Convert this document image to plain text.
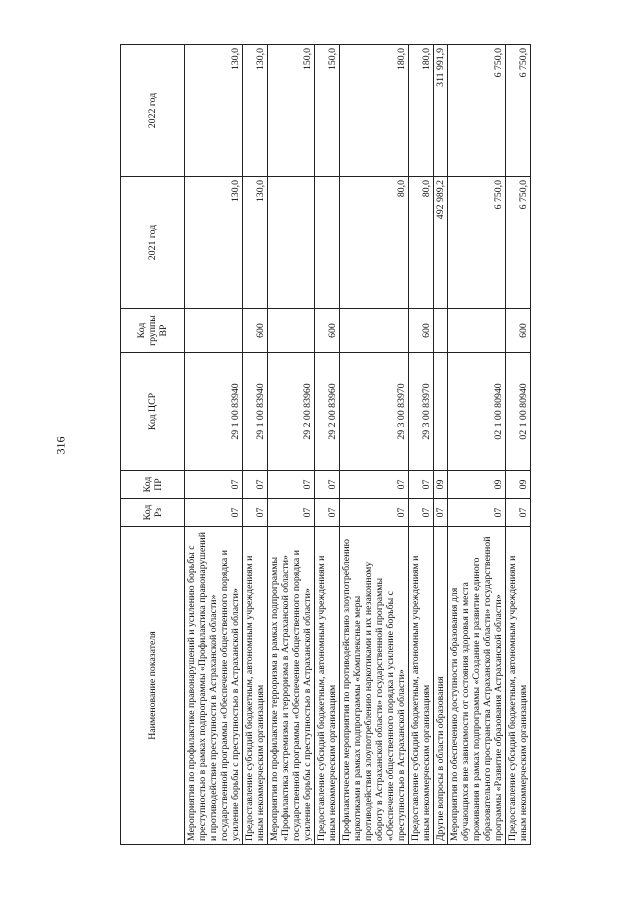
316
Наименование показателя	Код Рз	Код ПР	Код ЦСР	Код группы ВР	2021 год	2022 год
Мероприятия по профилактике правонарушений и усилению борьбы с преступностью в рамках подпрограммы «Профилактика правонарушений и противодействие преступности в Астраханской области» государственной программы «Обеспечение общественного порядка и усиление борьбы с преступностью в Астраханской области»	07	07	29 1 00 83940		130,0	130,0
Предоставление субсидий бюджетным, автономным учреждениям и иным некоммерческим организациям	07	07	29 1 00 83940	600	130,0	130,0
Мероприятия по профилактике терроризма в рамках подпрограммы «Профилактика экстремизма и терроризма в Астраханской области» государственной программы «Обеспечение общественного порядка и усиление борьбы с преступностью в Астраханской области»	07	07	29 2 00 83960			150,0
Предоставление субсидий бюджетным, автономным учреждениям и иным некоммерческим организациям	07	07	29 2 00 83960	600		150,0
Профилактические мероприятия по противодействию злоупотреблению наркотиками в рамках подпрограммы «Комплексные меры противодействия злоупотреблению наркотиками и их незаконному обороту в Астраханской области» государственной программы «Обеспечение общественного порядка и усиление борьбы с преступностью в Астраханской области»	07	07	29 3 00 83970		80,0	180,0
Предоставление субсидий бюджетным, автономным учреждениям и иным некоммерческим организациям	07	07	29 3 00 83970	600	80,0	180,0
Другие вопросы в области образования	07	09			492 989,2	311 991,9
Мероприятия по обеспечению доступности образования для обучающихся вне зависимости от состояния здоровья и места проживания в рамках подпрограммы «Создание и развитие единого образовательного пространства Астраханской области» государственной программы «Развитие образования Астраханской области»	07	09	02 1 00 80940		6 750,0	6 750,0
Предоставление субсидий бюджетным, автономным учреждениям и иным некоммерческим организациям	07	09	02 1 00 80940	600	6 750,0	6 750,0
